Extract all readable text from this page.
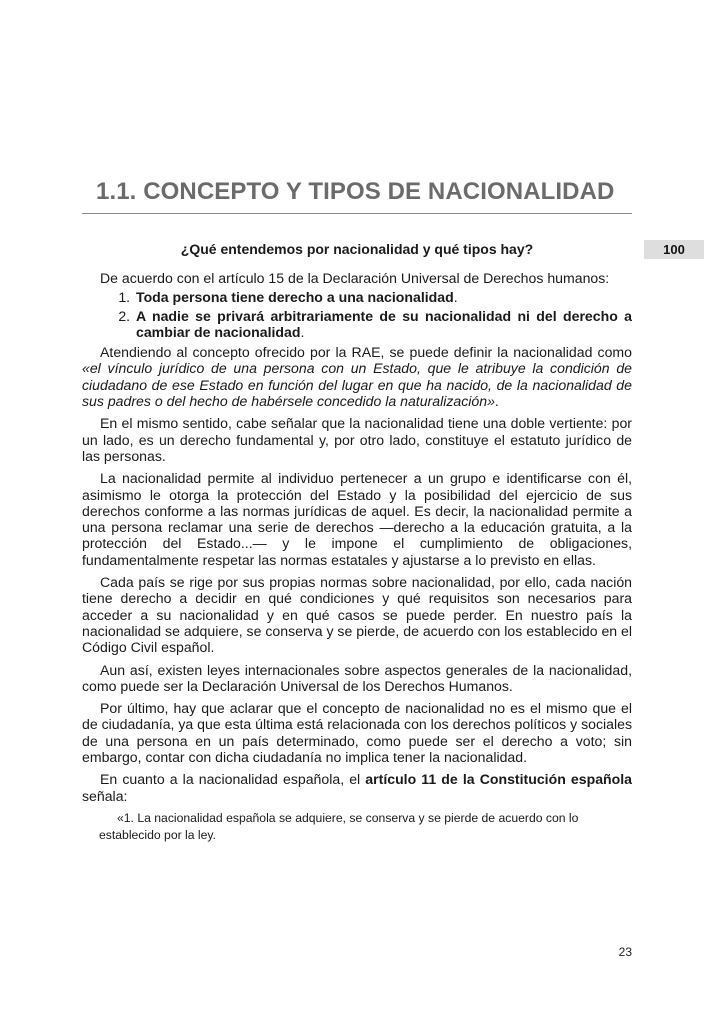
1.1. CONCEPTO Y TIPOS DE NACIONALIDAD
100
¿Qué entendemos por nacionalidad y qué tipos hay?

De acuerdo con el artículo 15 de la Declaración Universal de Derechos humanos:

1. Toda persona tiene derecho a una nacionalidad.
2. A nadie se privará arbitrariamente de su nacionalidad ni del derecho a cambiar de nacionalidad.

Atendiendo al concepto ofrecido por la RAE, se puede definir la nacionalidad como «el vínculo jurídico de una persona con un Estado, que le atribuye la condición de ciudadano de ese Estado en función del lugar en que ha nacido, de la nacionalidad de sus padres o del hecho de habérsele concedido la naturalización».

En el mismo sentido, cabe señalar que la nacionalidad tiene una doble vertiente: por un lado, es un derecho fundamental y, por otro lado, constituye el estatuto jurídico de las personas.

La nacionalidad permite al individuo pertenecer a un grupo e identificarse con él, asimismo le otorga la protección del Estado y la posibilidad del ejercicio de sus derechos conforme a las normas jurídicas de aquel. Es decir, la nacionalidad permite a una persona reclamar una serie de derechos —derecho a la educación gratuita, a la protección del Estado...— y le impone el cumplimiento de obligaciones, fundamentalmente respetar las normas estatales y ajustarse a lo previsto en ellas.

Cada país se rige por sus propias normas sobre nacionalidad, por ello, cada nación tiene derecho a decidir en qué condiciones y qué requisitos son necesarios para acceder a su nacionalidad y en qué casos se puede perder. En nuestro país la nacionalidad se adquiere, se conserva y se pierde, de acuerdo con los establecido en el Código Civil español.

Aun así, existen leyes internacionales sobre aspectos generales de la nacionalidad, como puede ser la Declaración Universal de los Derechos Humanos.

Por último, hay que aclarar que el concepto de nacionalidad no es el mismo que el de ciudadanía, ya que esta última está relacionada con los derechos políticos y sociales de una persona en un país determinado, como puede ser el derecho a voto; sin embargo, contar con dicha ciudadanía no implica tener la nacionalidad.

En cuanto a la nacionalidad española, el artículo 11 de la Constitución española señala:

«1. La nacionalidad española se adquiere, se conserva y se pierde de acuerdo con lo establecido por la ley.
23
